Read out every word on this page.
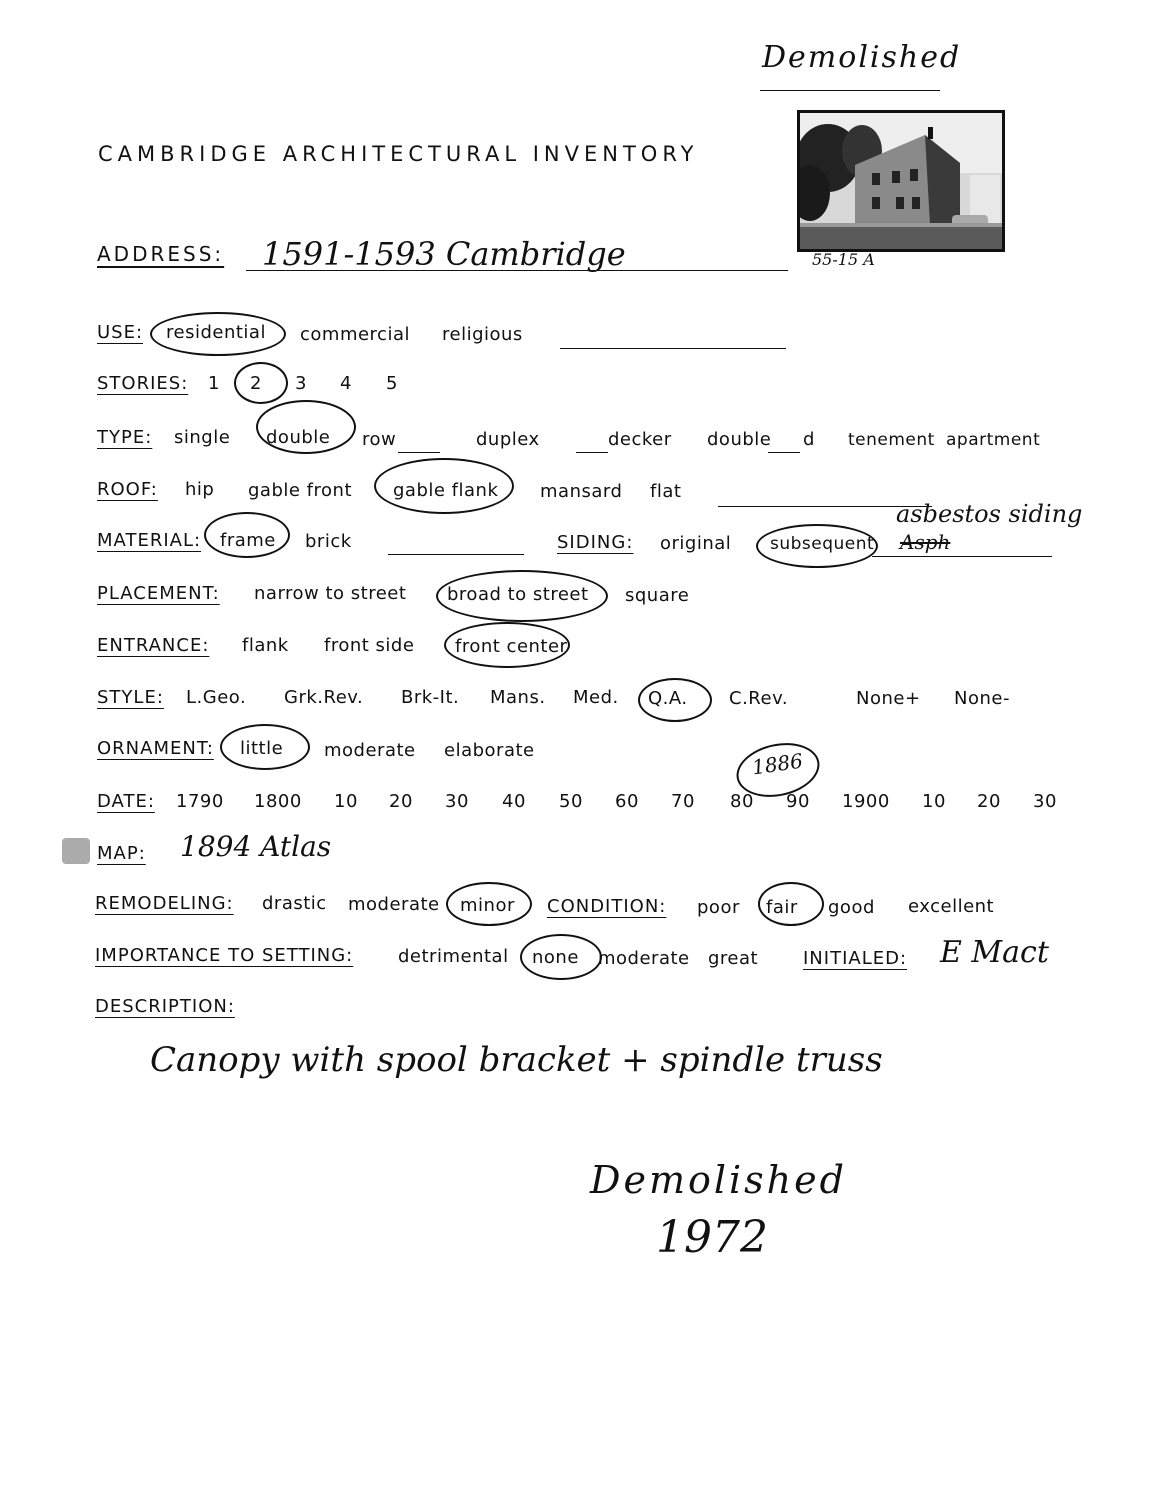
Demolished
CAMBRIDGE ARCHITECTURAL INVENTORY
55-15 A
ADDRESS: 1591-1593 Cambridge
USE: residential commercial religious
STORIES: 1 2 3 4 5
TYPE: single double row	duplex	decker double d tenement apartment
ROOF: hip gable front gable flank mansard flat
MATERIAL: frame brick	SIDING: original subsequent Asph
asbestos siding
PLACEMENT: narrow to street broad to street square
ENTRANCE: flank front side front center
STYLE: L.Geo. Grk.Rev. Brk-It. Mans. Med. Q.A. C.Rev.	None+ None-
ORNAMENT: little moderate elaborate
DATE: 1790 1800 10 20 30 40 50 60 70 80 90 1900 10 20 30
1886
MAP: 1894 Atlas
REMODELING: drastic moderate minor CONDITION: poor fair good excellent
IMPORTANCE TO SETTING: detrimental none moderate great INITIALED: E Mact
DESCRIPTION:
Canopy with spool bracket + spindle truss
Demolished
1972
